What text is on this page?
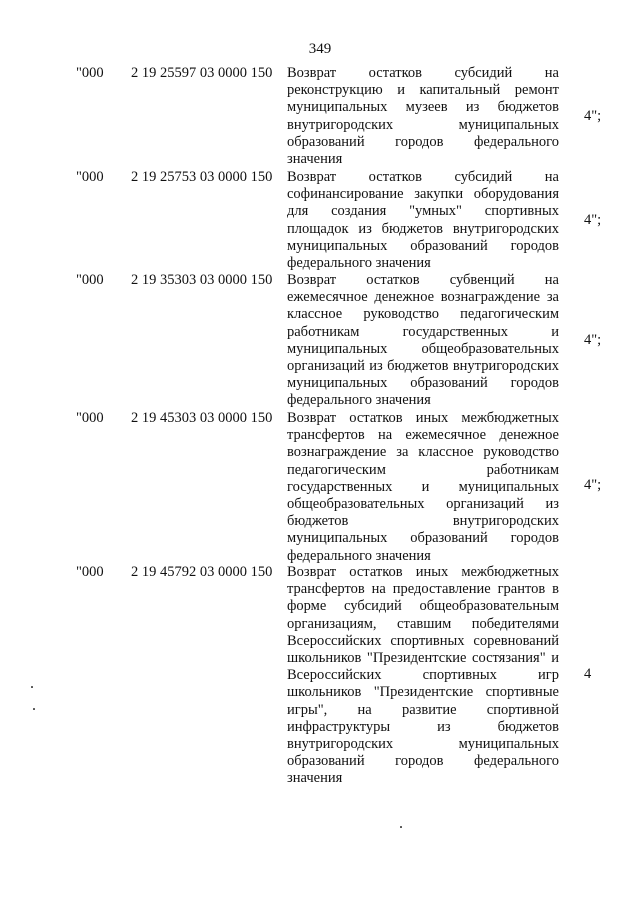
349
"000 2 19 25597 03 0000 150 Возврат остатков субсидий на реконструкцию и капитальный ремонт муниципальных музеев из бюджетов внутригородских муниципальных образований городов федерального значения
4";
"000 2 19 25753 03 0000 150 Возврат остатков субсидий на софинансирование закупки оборудования для создания "умных" спортивных площадок из бюджетов внутригородских муниципальных образований городов федерального значения
4";
"000 2 19 35303 03 0000 150 Возврат остатков субвенций на ежемесячное денежное вознаграждение за классное руководство педагогическим работникам государственных и муниципальных общеобразовательных организаций из бюджетов внутригородских муниципальных образований городов федерального значения
4";
"000 2 19 45303 03 0000 150 Возврат остатков иных межбюджетных трансфертов на ежемесячное денежное вознаграждение за классное руководство педагогическим работникам государственных и муниципальных общеобразовательных организаций из бюджетов внутригородских муниципальных образований городов федерального значения
4";
"000 2 19 45792 03 0000 150 Возврат остатков иных межбюджетных трансфертов на предоставление грантов в форме субсидий общеобразовательным организациям, ставшим победителями Всероссийских спортивных соревнований школьников "Президентские состязания" и Всероссийских спортивных игр школьников "Президентские спортивные игры", на развитие спортивной инфраструктуры из бюджетов внутригородских муниципальных образований городов федерального значения
4
